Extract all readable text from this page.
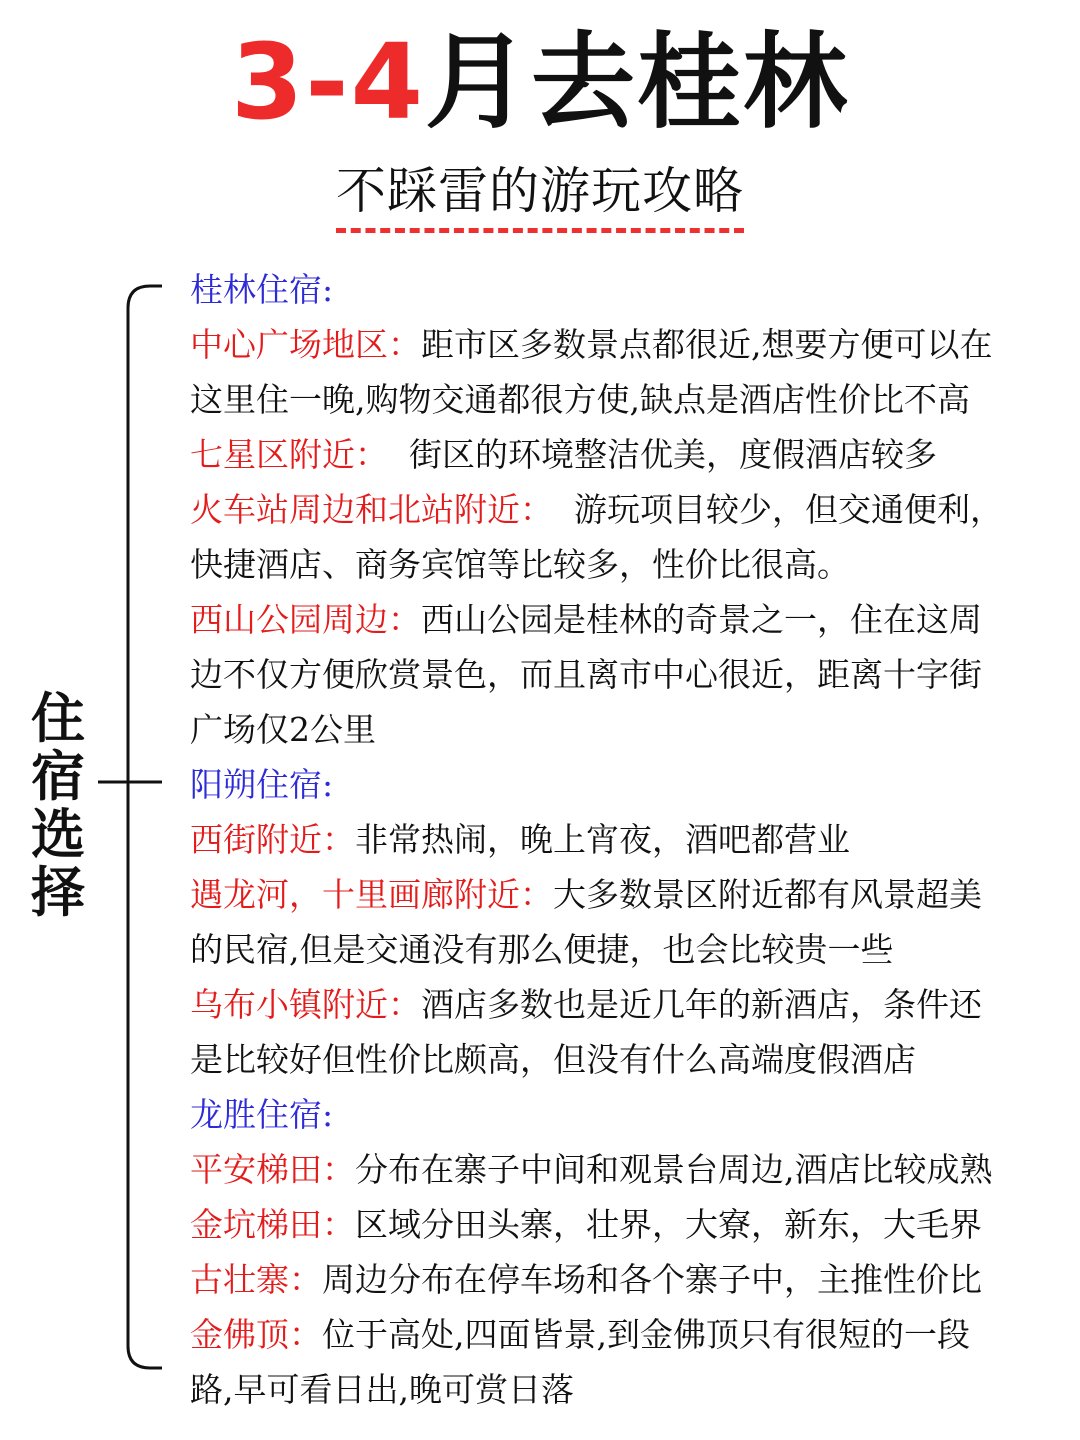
3-4月去桂林
不踩雷的游玩攻略
住
宿
选
择
桂林住宿:
中心广场地区：距市区多数景点都很近,想要方便可以在
这里住一晚,购物交通都很方使,缺点是酒店性价比不高
七星区附近：  街区的环境整洁优美，度假酒店较多
火车站周边和北站附近：  游玩项目较少，但交通便利，
快捷酒店、商务宾馆等比较多，性价比很高。
西山公园周边：西山公园是桂林的奇景之一，住在这周
边不仅方便欣赏景色，而且离市中心很近，距离十字街
广场仅2公里
阳朔住宿:
西街附近：非常热闹，晚上宵夜，酒吧都营业
遇龙河，十里画廊附近：大多数景区附近都有风景超美
的民宿,但是交通没有那么便捷，也会比较贵一些
乌布小镇附近：酒店多数也是近几年的新酒店，条件还
是比较好但性价比颇高，但没有什么高端度假酒店
龙胜住宿:
平安梯田：分布在寨子中间和观景台周边,酒店比较成熟
金坑梯田：区域分田头寨，壮界，大寮，新东，大毛界
古壮寨：周边分布在停车场和各个寨子中，主推性价比
金佛顶：位于高处,四面皆景,到金佛顶只有很短的一段
路,早可看日出,晚可赏日落
